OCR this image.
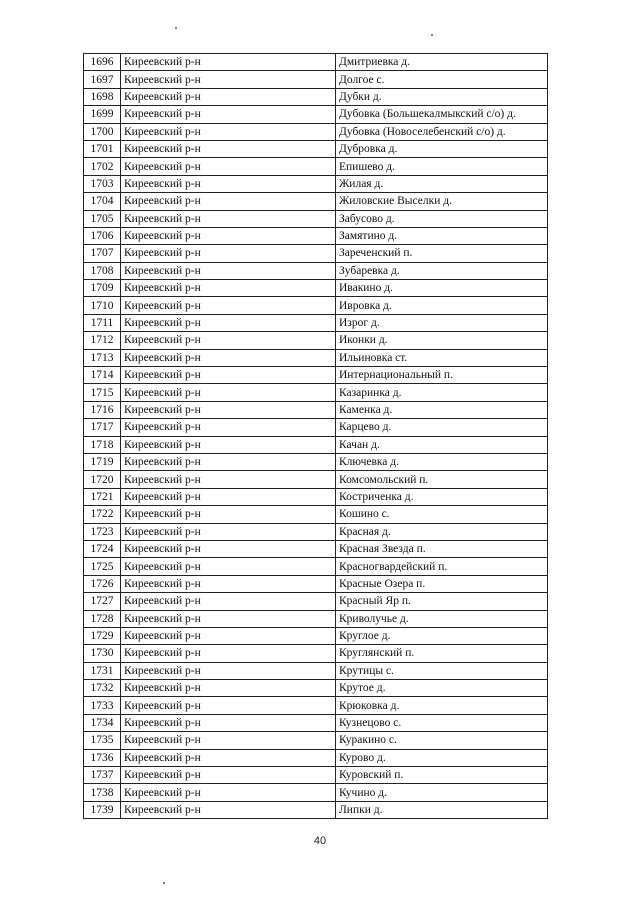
1696	Киреевский р-н	Дмитриевка д.
1697	Киреевский р-н	Долгое с.
1698	Киреевский р-н	Дубки д.
1699	Киреевский р-н	Дубовка (Большекалмыкский с/о) д.
1700	Киреевский р-н	Дубовка (Новоселебенский с/о) д.
1701	Киреевский р-н	Дубровка д.
1702	Киреевский р-н	Епишево д.
1703	Киреевский р-н	Жилая д.
1704	Киреевский р-н	Жиловские Выселки д.
1705	Киреевский р-н	Забусово д.
1706	Киреевский р-н	Замятино д.
1707	Киреевский р-н	Зареченский п.
1708	Киреевский р-н	Зубаревка д.
1709	Киреевский р-н	Ивакино д.
1710	Киреевский р-н	Ивровка д.
1711	Киреевский р-н	Изрог д.
1712	Киреевский р-н	Иконки д.
1713	Киреевский р-н	Ильиновка ст.
1714	Киреевский р-н	Интернациональный п.
1715	Киреевский р-н	Казаринка д.
1716	Киреевский р-н	Каменка д.
1717	Киреевский р-н	Карцево д.
1718	Киреевский р-н	Качан д.
1719	Киреевский р-н	Ключевка д.
1720	Киреевский р-н	Комсомольский п.
1721	Киреевский р-н	Костриченка д.
1722	Киреевский р-н	Кошино с.
1723	Киреевский р-н	Красная д.
1724	Киреевский р-н	Красная Звезда п.
1725	Киреевский р-н	Красногвардейский п.
1726	Киреевский р-н	Красные Озера п.
1727	Киреевский р-н	Красный Яр п.
1728	Киреевский р-н	Криволучье д.
1729	Киреевский р-н	Круглое д.
1730	Киреевский р-н	Круглянский п.
1731	Киреевский р-н	Крутицы с.
1732	Киреевский р-н	Крутое д.
1733	Киреевский р-н	Крюковка д.
1734	Киреевский р-н	Кузнецово с.
1735	Киреевский р-н	Куракино с.
1736	Киреевский р-н	Курово д.
1737	Киреевский р-н	Куровский п.
1738	Киреевский р-н	Кучино д.
1739	Киреевский р-н	Липки д.
40
